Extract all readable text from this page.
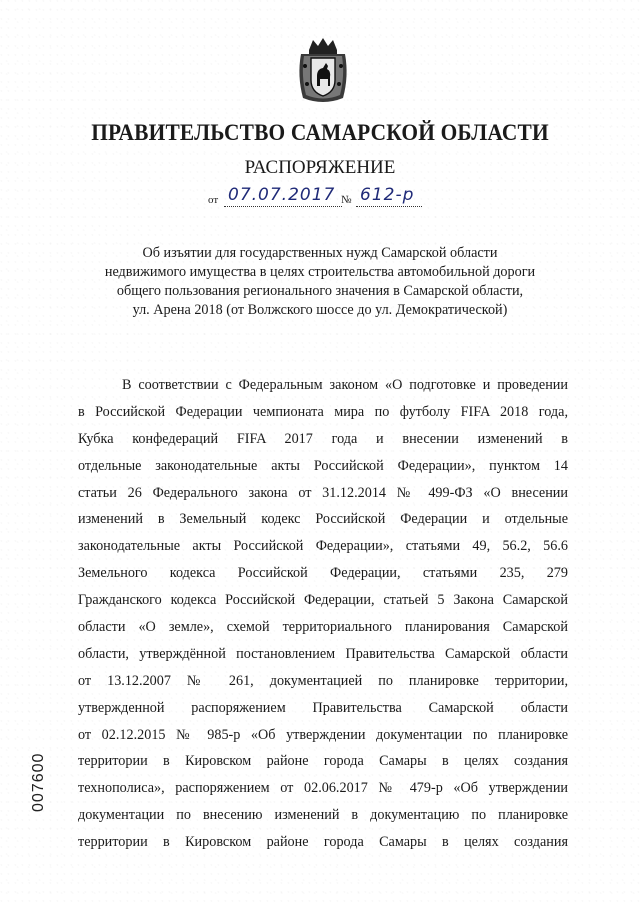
ПРАВИТЕЛЬСТВО САМАРСКОЙ ОБЛАСТИ
РАСПОРЯЖЕНИЕ
от 07.07.2017 № 612-р
Об изъятии для государственных нужд Самарской области
недвижимого имущества в целях строительства автомобильной дороги
общего пользования регионального значения в Самарской области,
ул. Арена 2018 (от Волжского шоссе до ул. Демократической)
В соответствии с Федеральным законом «О подготовке и проведении
в Российской Федерации чемпионата мира по футболу FIFA 2018 года,
Кубка конфедераций FIFA 2017 года и внесении изменений в
отдельные законодательные акты Российской Федерации», пунктом 14
статьи 26 Федерального закона от 31.12.2014 № 499-ФЗ «О внесении
изменений в Земельный кодекс Российской Федерации и отдельные
законодательные акты Российской Федерации», статьями 49, 56.2, 56.6
Земельного кодекса Российской Федерации, статьями 235, 279
Гражданского кодекса Российской Федерации, статьей 5 Закона Самарской
области «О земле», схемой территориального планирования Самарской
области, утверждённой постановлением Правительства Самарской области
от 13.12.2007 № 261, документацией по планировке территории,
утвержденной распоряжением Правительства Самарской области
от 02.12.2015 № 985-р «Об утверждении документации по планировке
территории в Кировском районе города Самары в целях создания
технополиса», распоряжением от 02.06.2017 № 479-р «Об утверждении
документации по внесению изменений в документацию по планировке
территории в Кировском районе города Самары в целях создания
007600
